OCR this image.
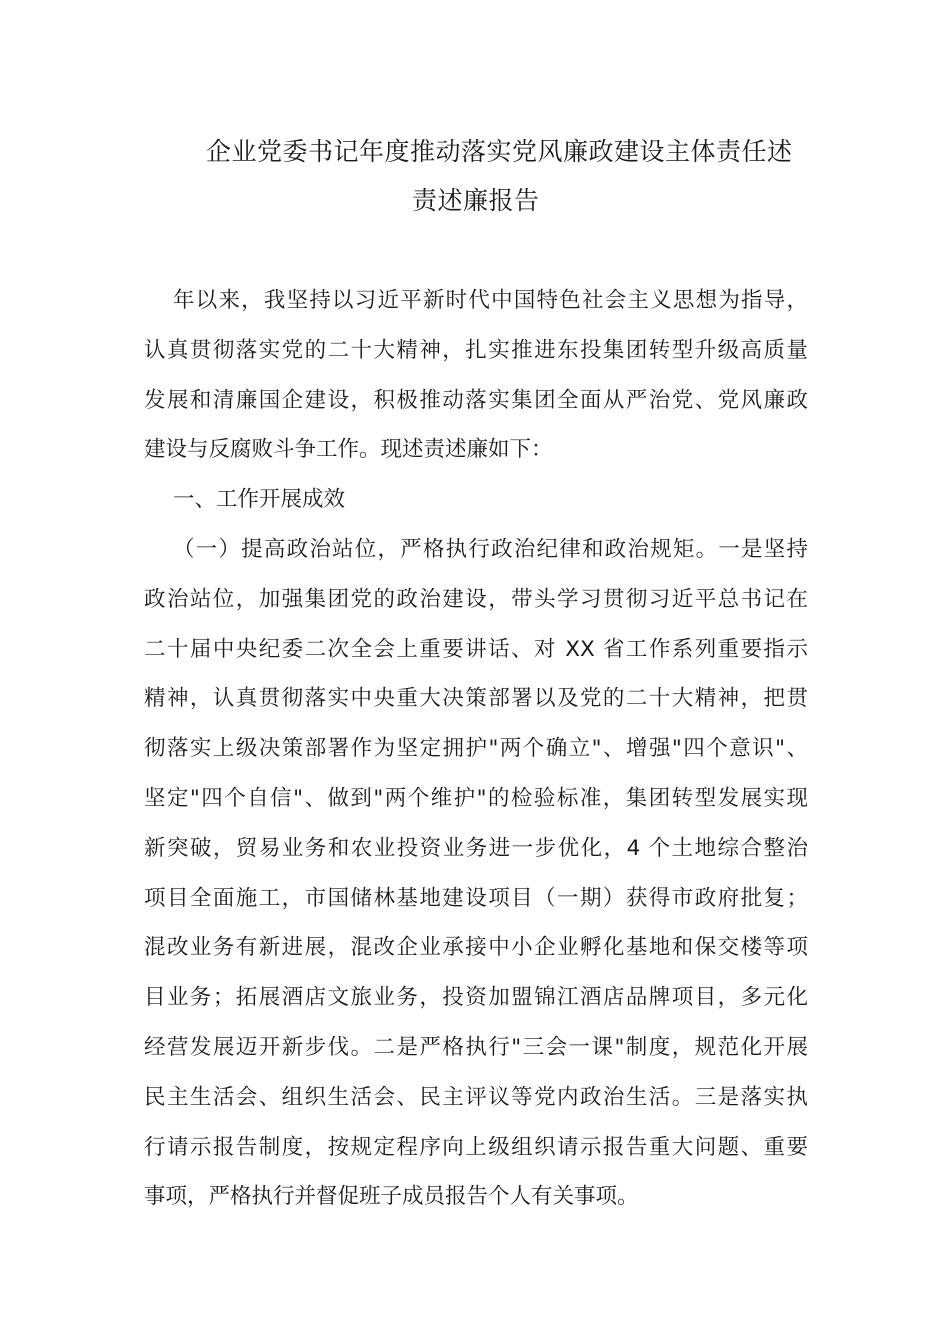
企业党委书记年度推动落实党风廉政建设主体责任述
责述廉报告
年以来，我坚持以习近平新时代中国特色社会主义思想为指导，
认真贯彻落实党的二十大精神，扎实推进东投集团转型升级高质量
发展和清廉国企建设，积极推动落实集团全面从严治党、党风廉政
建设与反腐败斗争工作。现述责述廉如下：
一、工作开展成效
（一）提高政治站位，严格执行政治纪律和政治规矩。一是坚持
政治站位，加强集团党的政治建设，带头学习贯彻习近平总书记在
二十届中央纪委二次全会上重要讲话、对 XX 省工作系列重要指示
精神，认真贯彻落实中央重大决策部署以及党的二十大精神，把贯
彻落实上级决策部署作为坚定拥护"两个确立"、增强"四个意识"、
坚定"四个自信"、做到"两个维护"的检验标准，集团转型发展实现
新突破，贸易业务和农业投资业务进一步优化，4 个土地综合整治
项目全面施工，市国储林基地建设项目（一期）获得市政府批复；
混改业务有新进展，混改企业承接中小企业孵化基地和保交楼等项
目业务；拓展酒店文旅业务，投资加盟锦江酒店品牌项目，多元化
经营发展迈开新步伐。二是严格执行"三会一课"制度，规范化开展
民主生活会、组织生活会、民主评议等党内政治生活。三是落实执
行请示报告制度，按规定程序向上级组织请示报告重大问题、重要
事项，严格执行并督促班子成员报告个人有关事项。
